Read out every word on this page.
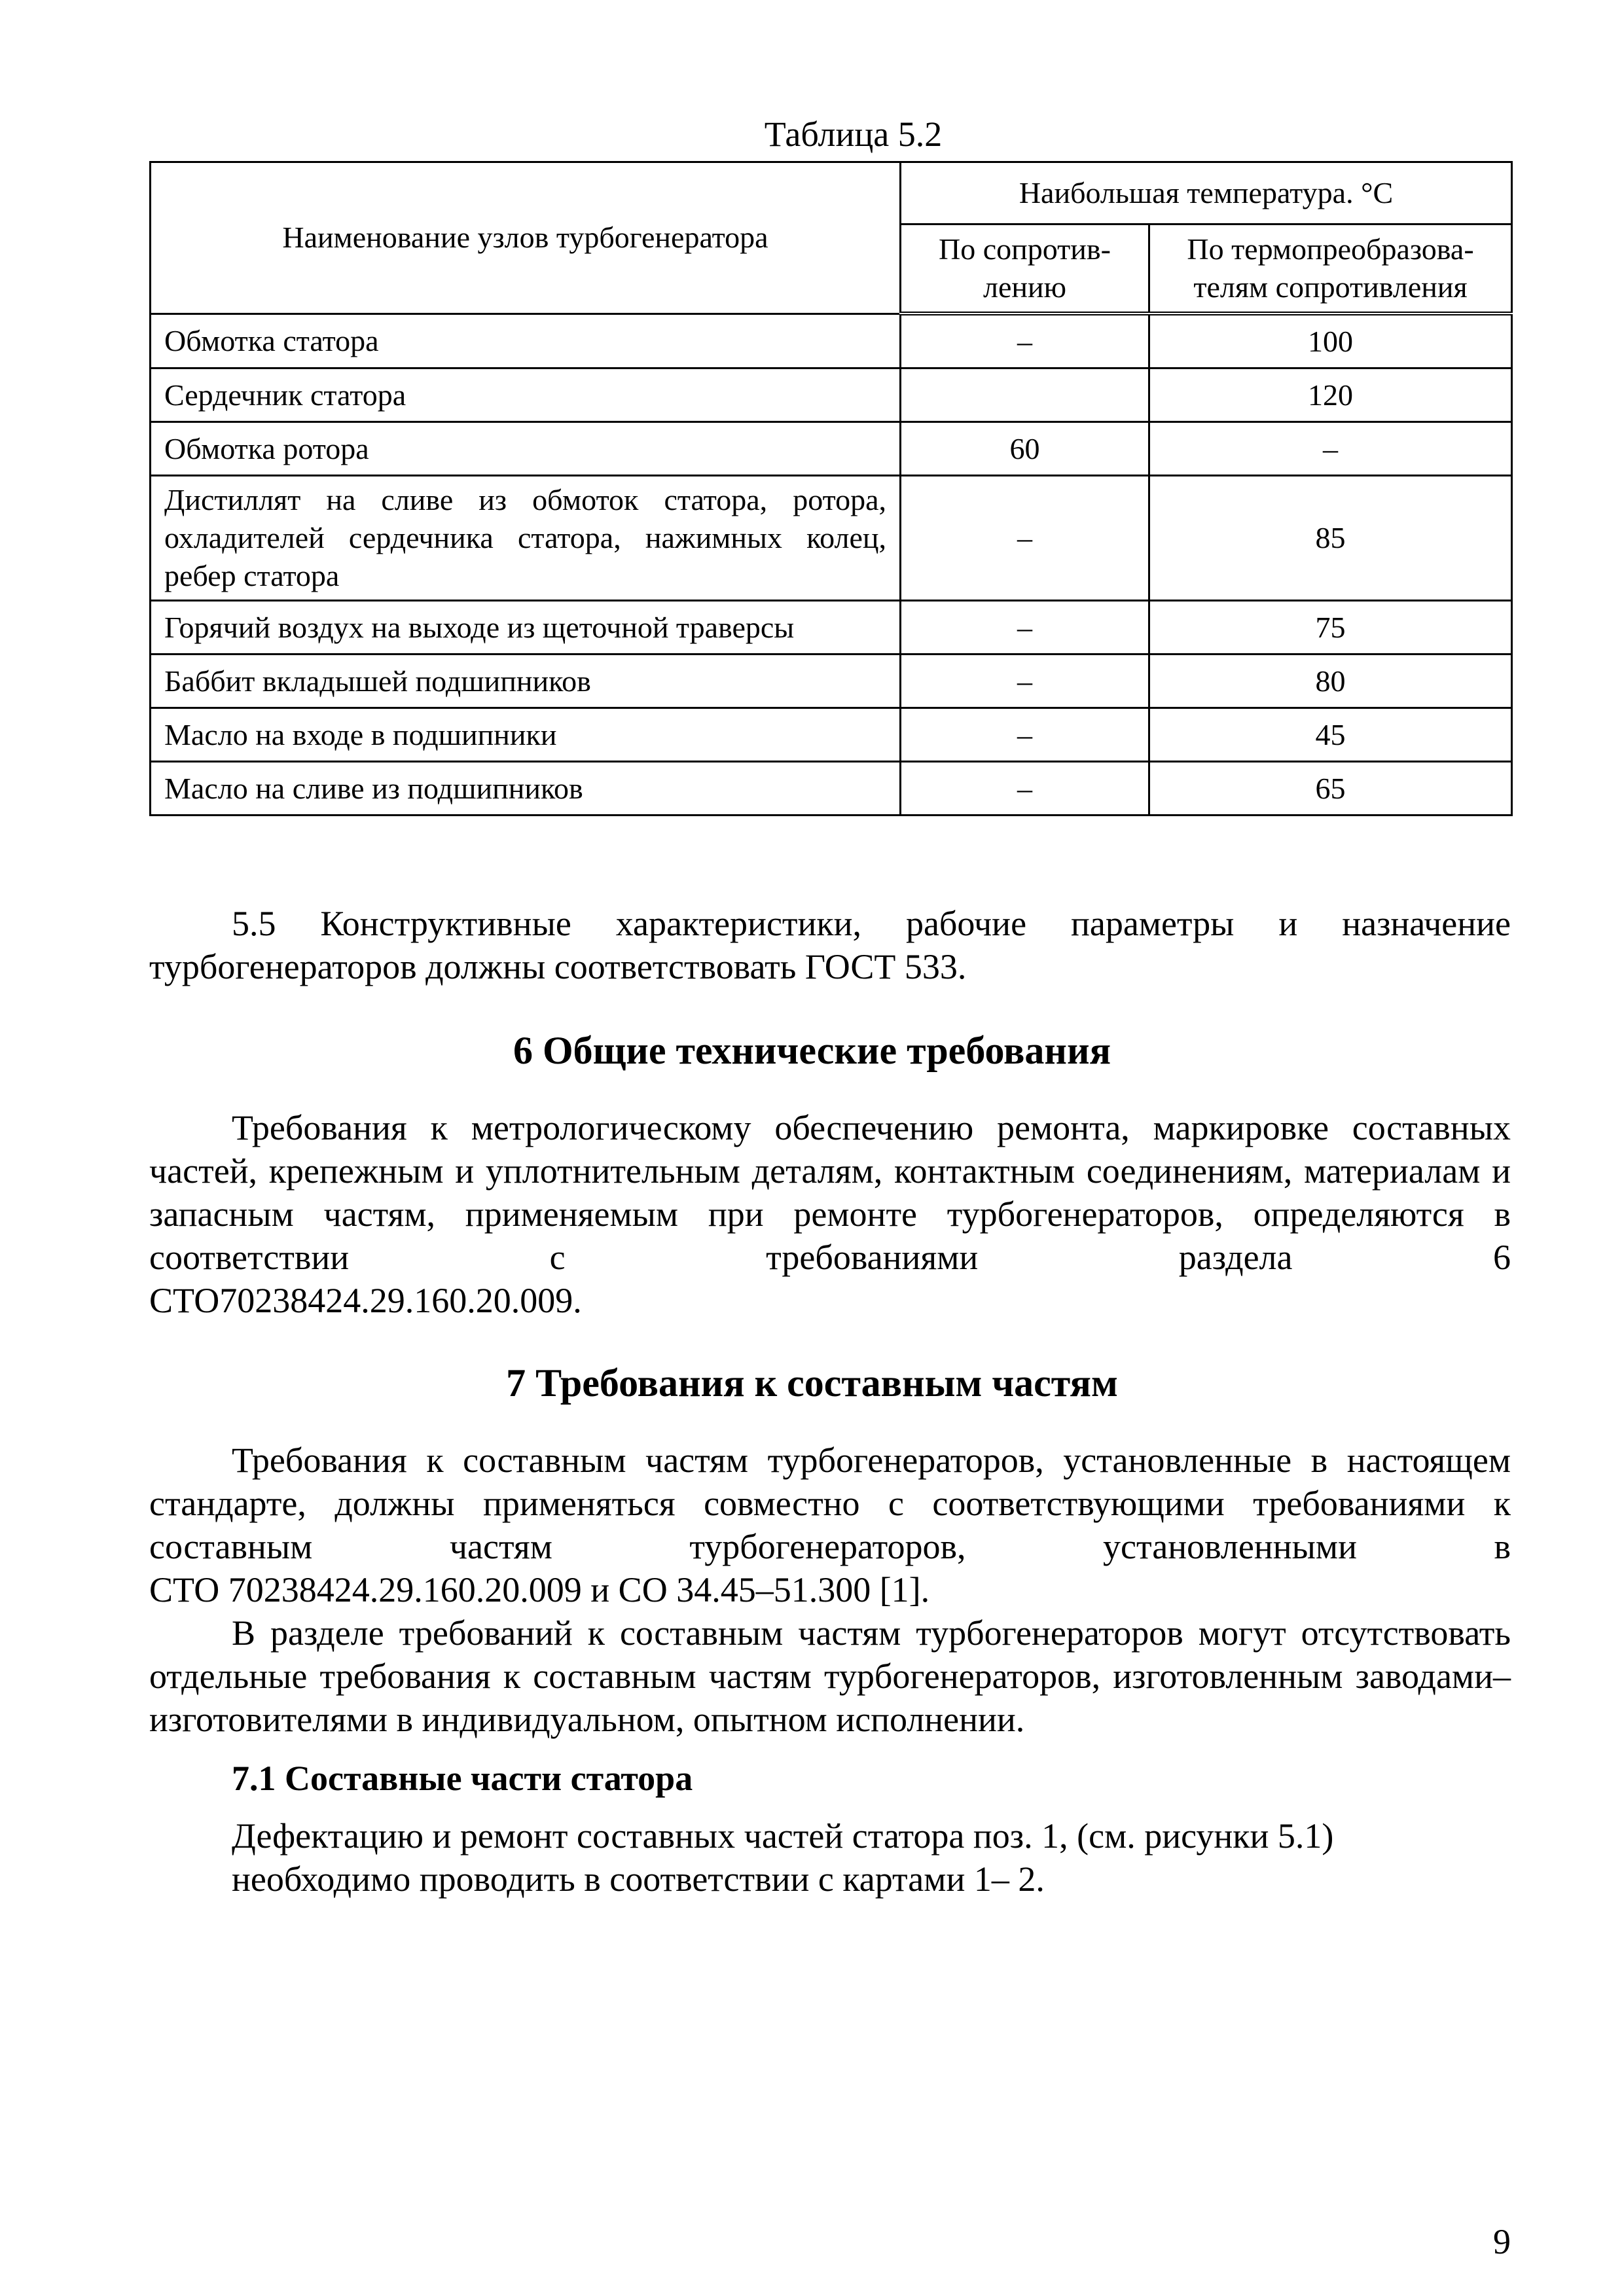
Таблица 5.2
Наименование узлов турбогенератора	Наибольшая температура. °С	
	По сопротивлению	По термопреобразователям сопротивления
Обмотка статора	–	100
Сердечник статора		120
Обмотка ротора	60	–
Дистиллят на сливе из обмоток статора, ротора, охладителей сердечника статора, нажимных колец, ребер статора	–	85
Горячий воздух на выходе из щеточной траверсы	–	75
Баббит вкладышей подшипников	–	80
Масло на входе в подшипники	–	45
Масло на сливе из подшипников	–	65

5.5 Конструктивные характеристики, рабочие параметры и назначение турбогенераторов должны соответствовать ГОСТ 533.

6 Общие технические требования

Требования к метрологическому обеспечению ремонта, маркировке составных частей, крепежным и уплотнительным деталям, контактным соединениям, материалам и запасным частям, применяемым при ремонте турбогенераторов, определяются в соответствии с требованиями раздела 6

СТО70238424.29.160.20.009.

7 Требования к составным частям

Требования к составным частям турбогенераторов, установленные в настоящем стандарте, должны применяться совместно с соответствующими требованиями к составным частям турбогенераторов, установленными в

СТО 70238424.29.160.20.009 и СО 34.45–51.300 [1].

В разделе требований к составным частям турбогенераторов могут отсутствовать отдельные требования к составным частям турбогенераторов, изготовленным заводами–изготовителями в индивидуальном, опытном исполнении.

7.1 Составные части статора
Дефектацию и ремонт составных частей статора поз. 1, (см. рисунки 5.1)
необходимо проводить в соответствии с картами 1– 2.
9
